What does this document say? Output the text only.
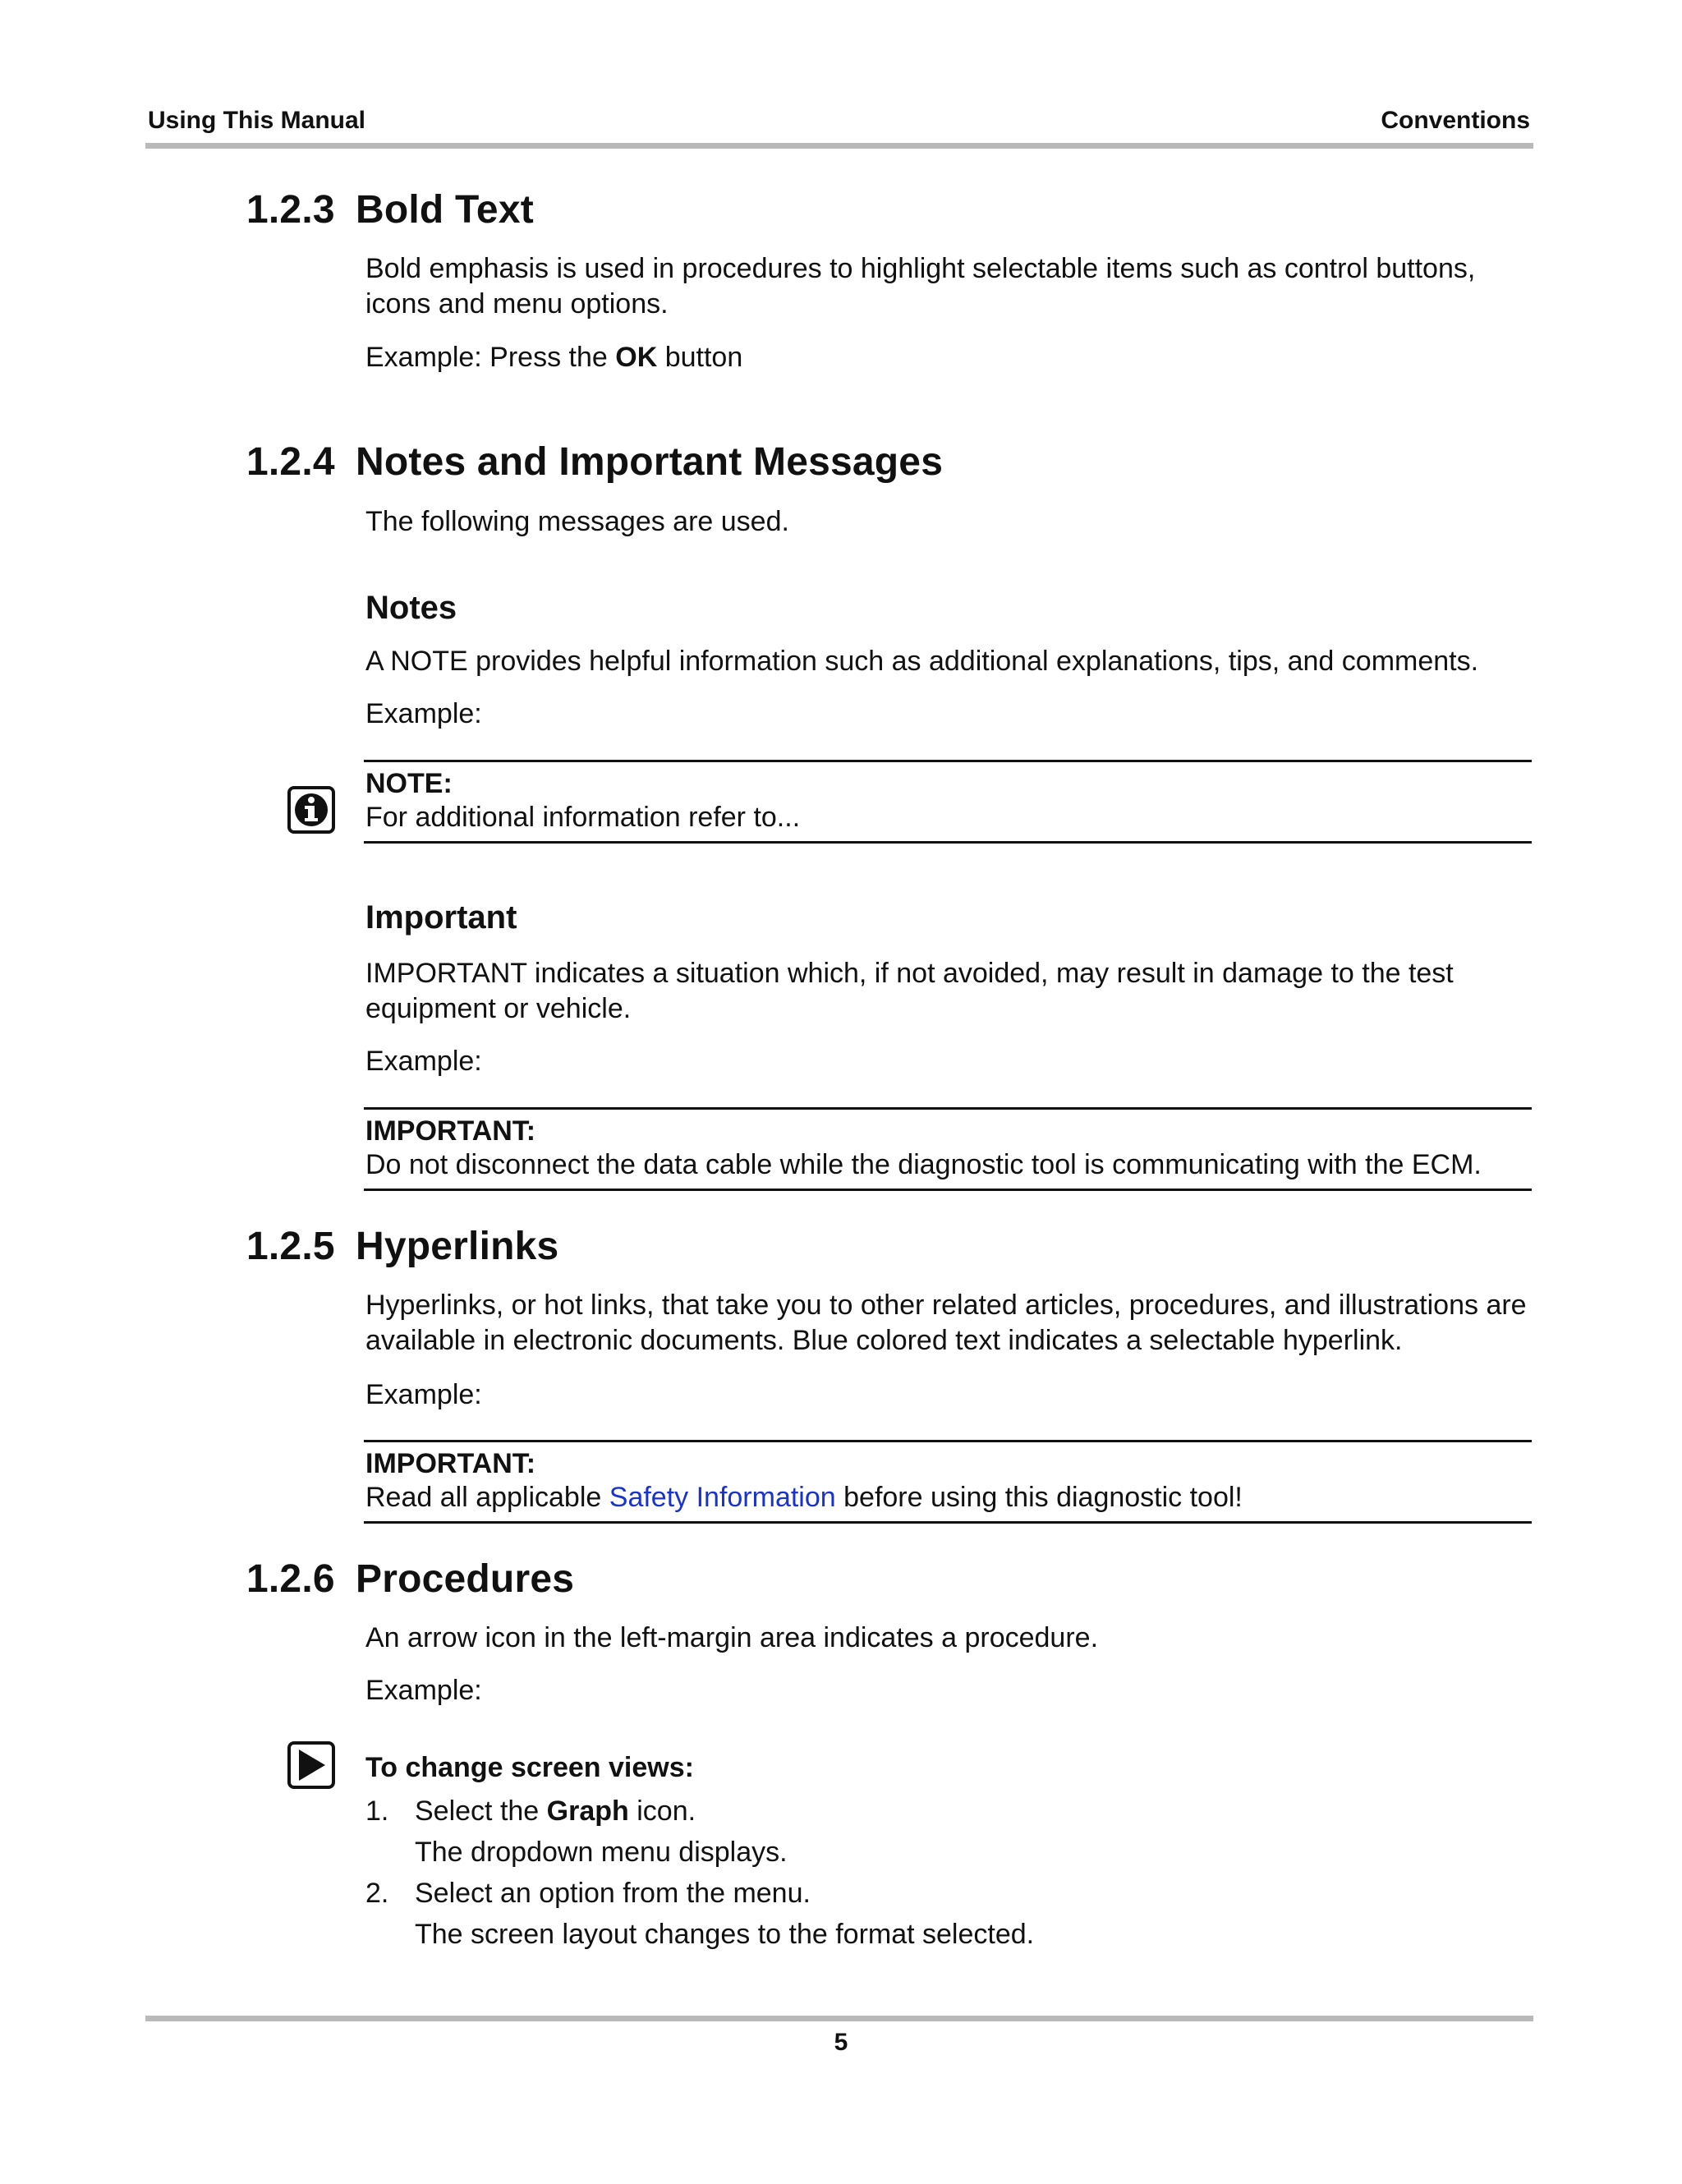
Using This Manual	Conventions
1.2.3 Bold Text
Bold emphasis is used in procedures to highlight selectable items such as control buttons, icons and menu options.
Example: Press the OK button
1.2.4 Notes and Important Messages
The following messages are used.
Notes
A NOTE provides helpful information such as additional explanations, tips, and comments.
Example:
NOTE:
For additional information refer to...
Important
IMPORTANT indicates a situation which, if not avoided, may result in damage to the test equipment or vehicle.
Example:
IMPORTANT:
Do not disconnect the data cable while the diagnostic tool is communicating with the ECM.
1.2.5 Hyperlinks
Hyperlinks, or hot links, that take you to other related articles, procedures, and illustrations are available in electronic documents. Blue colored text indicates a selectable hyperlink.
Example:
IMPORTANT:
Read all applicable Safety Information before using this diagnostic tool!
1.2.6 Procedures
An arrow icon in the left-margin area indicates a procedure.
Example:
To change screen views:
1. Select the Graph icon.
The dropdown menu displays.
2. Select an option from the menu.
The screen layout changes to the format selected.
5
